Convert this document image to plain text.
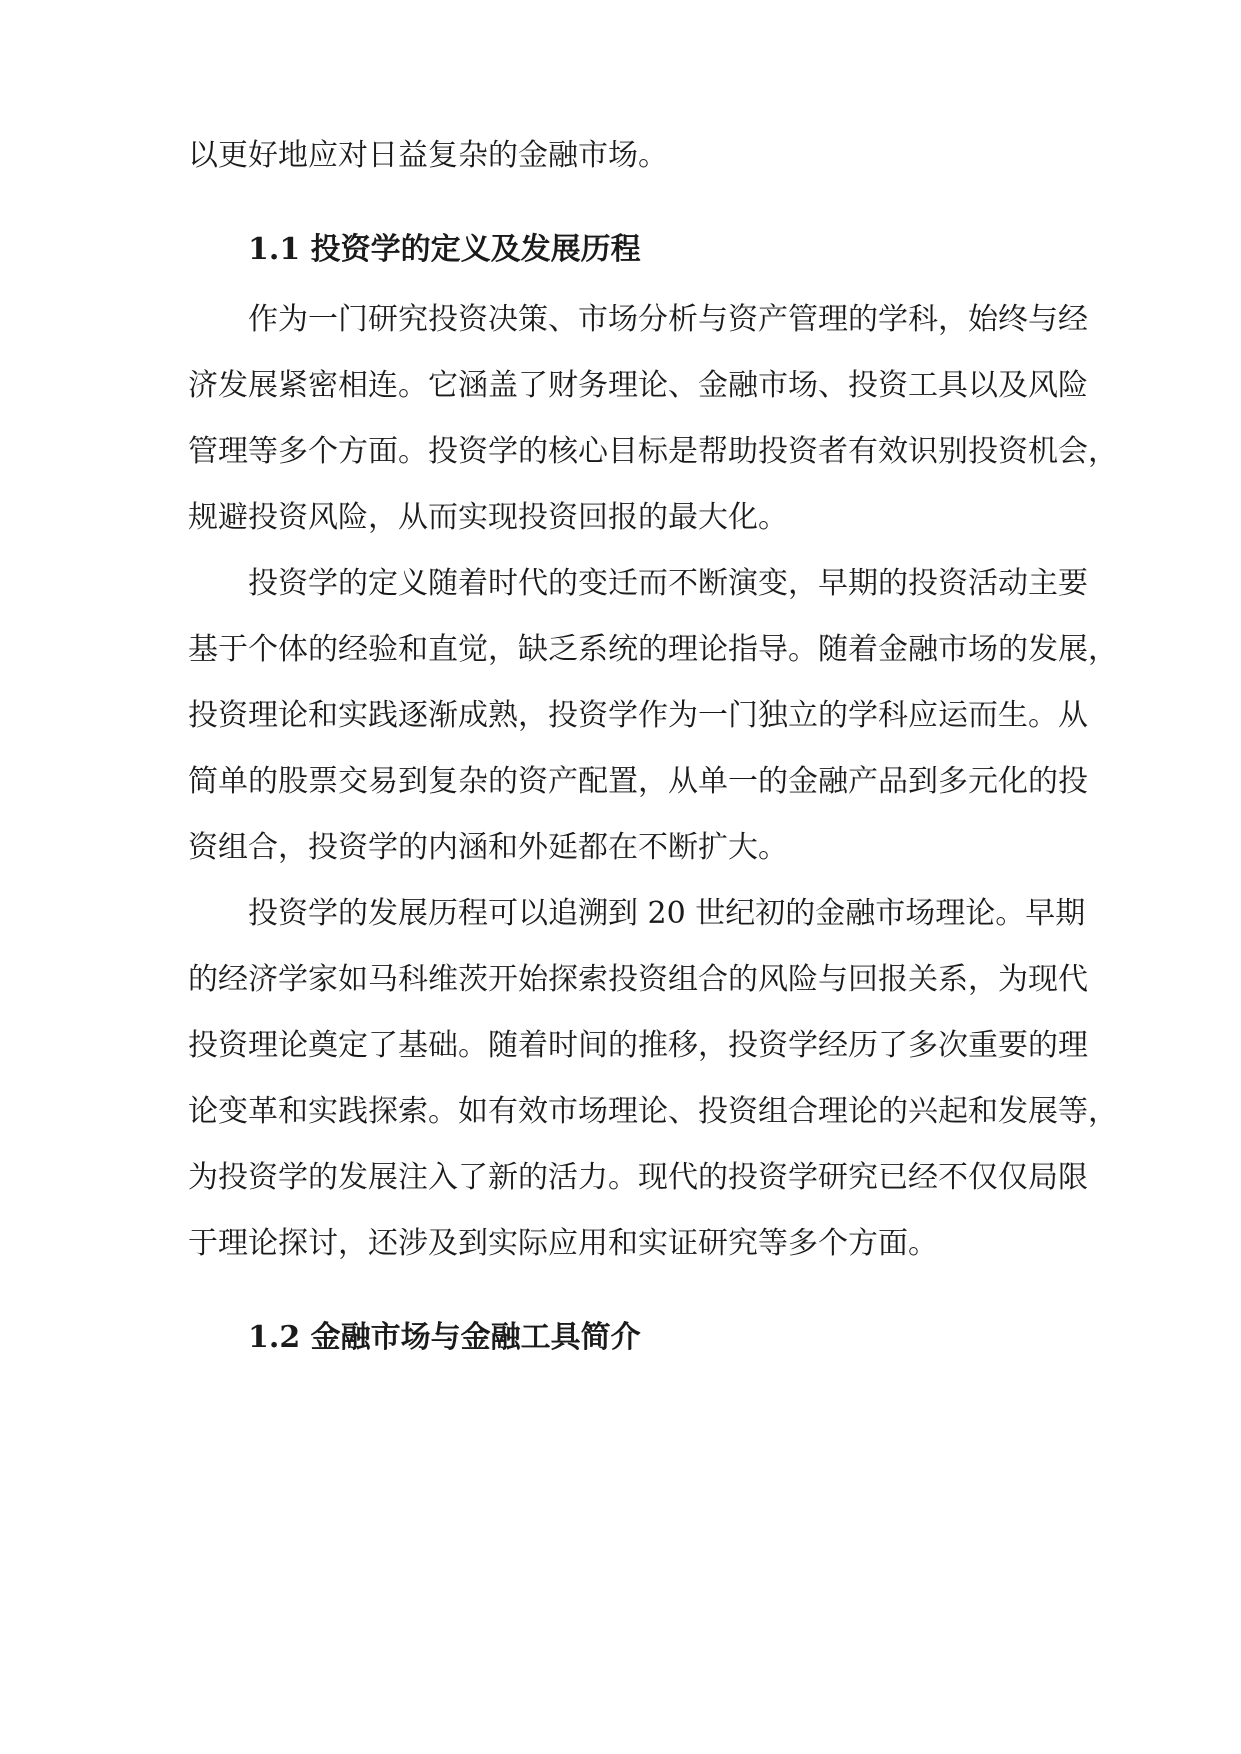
以更好地应对日益复杂的金融市场。
1.1 投资学的定义及发展历程
作为一门研究投资决策、市场分析与资产管理的学科，始终与经
济发展紧密相连。它涵盖了财务理论、金融市场、投资工具以及风险
管理等多个方面。投资学的核心目标是帮助投资者有效识别投资机会，
规避投资风险，从而实现投资回报的最大化。
投资学的定义随着时代的变迁而不断演变，早期的投资活动主要
基于个体的经验和直觉，缺乏系统的理论指导。随着金融市场的发展，
投资理论和实践逐渐成熟，投资学作为一门独立的学科应运而生。从
简单的股票交易到复杂的资产配置，从单一的金融产品到多元化的投
资组合，投资学的内涵和外延都在不断扩大。
投资学的发展历程可以追溯到 20 世纪初的金融市场理论。早期
的经济学家如马科维茨开始探索投资组合的风险与回报关系，为现代
投资理论奠定了基础。随着时间的推移，投资学经历了多次重要的理
论变革和实践探索。如有效市场理论、投资组合理论的兴起和发展等，
为投资学的发展注入了新的活力。现代的投资学研究已经不仅仅局限
于理论探讨，还涉及到实际应用和实证研究等多个方面。
1.2 金融市场与金融工具简介
